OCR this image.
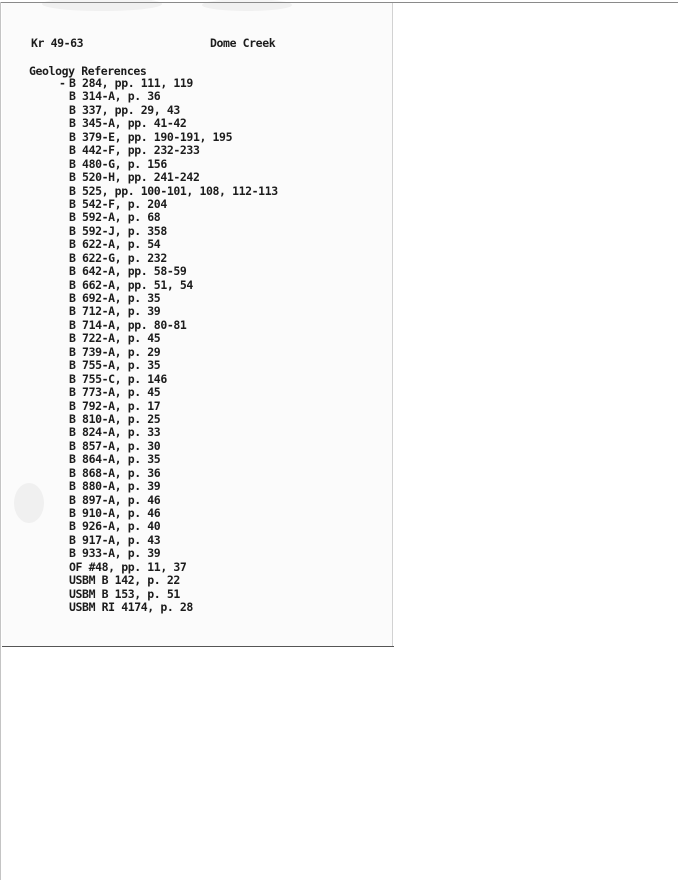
Kr 49-63	Dome Creek
Geology References
- B 284, pp. 111, 119
B 314-A, p. 36
B 337, pp. 29, 43
B 345-A, pp. 41-42
B 379-E, pp. 190-191, 195
B 442-F, pp. 232-233
B 480-G, p. 156
B 520-H, pp. 241-242
B 525, pp. 100-101, 108, 112-113
B 542-F, p. 204
B 592-A, p. 68
B 592-J, p. 358
B 622-A, p. 54
B 622-G, p. 232
B 642-A, pp. 58-59
B 662-A, pp. 51, 54
B 692-A, p. 35
B 712-A, p. 39
B 714-A, pp. 80-81
B 722-A, p. 45
B 739-A, p. 29
B 755-A, p. 35
B 755-C, p. 146
B 773-A, p. 45
B 792-A, p. 17
B 810-A, p. 25
B 824-A, p. 33
B 857-A, p. 30
B 864-A, p. 35
B 868-A, p. 36
B 880-A, p. 39
B 897-A, p. 46
B 910-A, p. 46
B 926-A, p. 40
B 917-A, p. 43
B 933-A, p. 39
OF #48, pp. 11, 37
USBM B 142, p. 22
USBM B 153, p. 51
USBM RI 4174, p. 28
